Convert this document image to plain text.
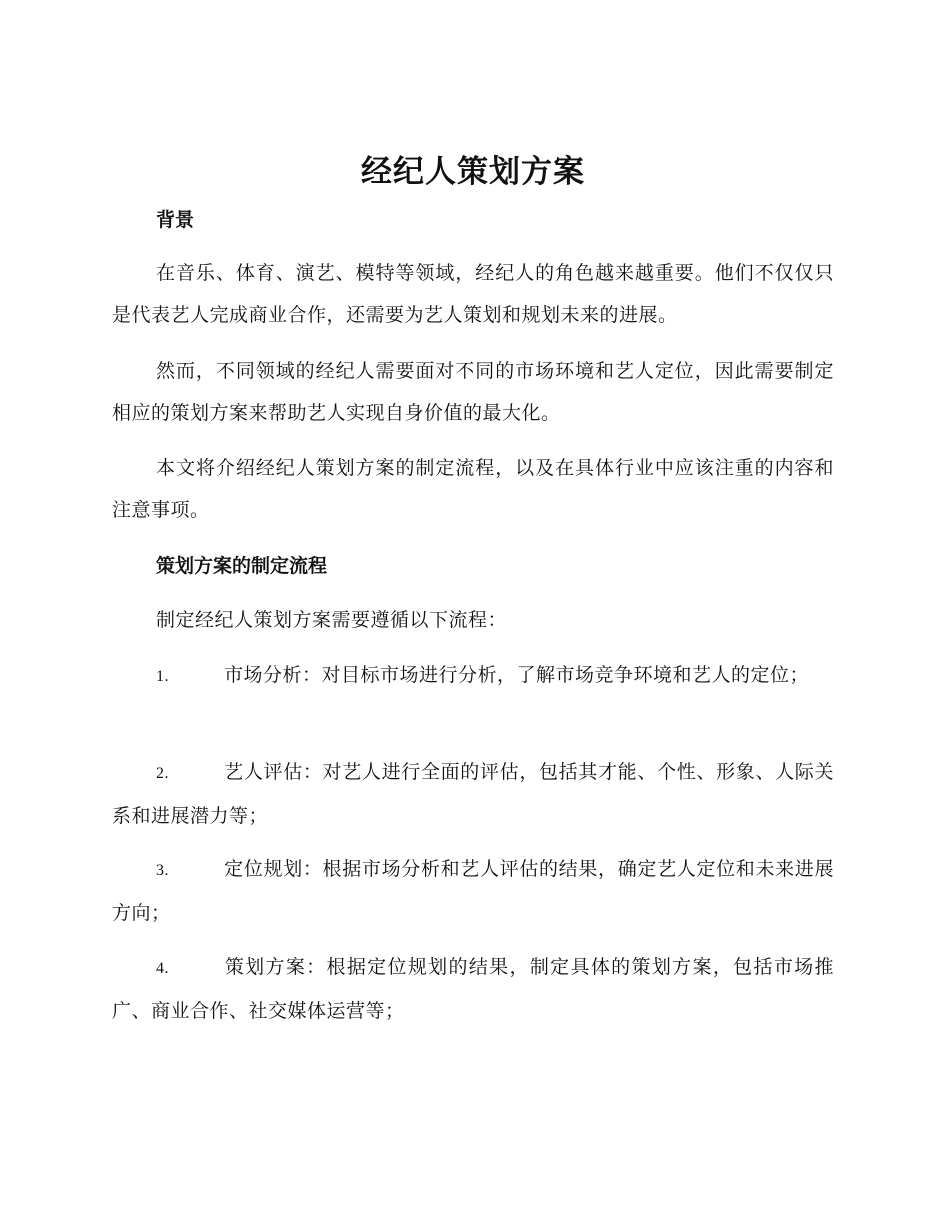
经纪人策划方案
背景

在音乐、体育、演艺、模特等领域，经纪人的角色越来越重要。他们不仅仅只是代表艺人完成商业合作，还需要为艺人策划和规划未来的进展。

然而，不同领域的经纪人需要面对不同的市场环境和艺人定位，因此需要制定相应的策划方案来帮助艺人实现自身价值的最大化。

本文将介绍经纪人策划方案的制定流程，以及在具体行业中应该注重的内容和注意事项。

策划方案的制定流程

制定经纪人策划方案需要遵循以下流程：

1.	市场分析：对目标市场进行分析，了解市场竞争环境和艺人的定位；

2.	艺人评估：对艺人进行全面的评估，包括其才能、个性、形象、人际关系和进展潜力等；

3.	定位规划：根据市场分析和艺人评估的结果，确定艺人定位和未来进展方向；

4.	策划方案：根据定位规划的结果，制定具体的策划方案，包括市场推广、商业合作、社交媒体运营等；
